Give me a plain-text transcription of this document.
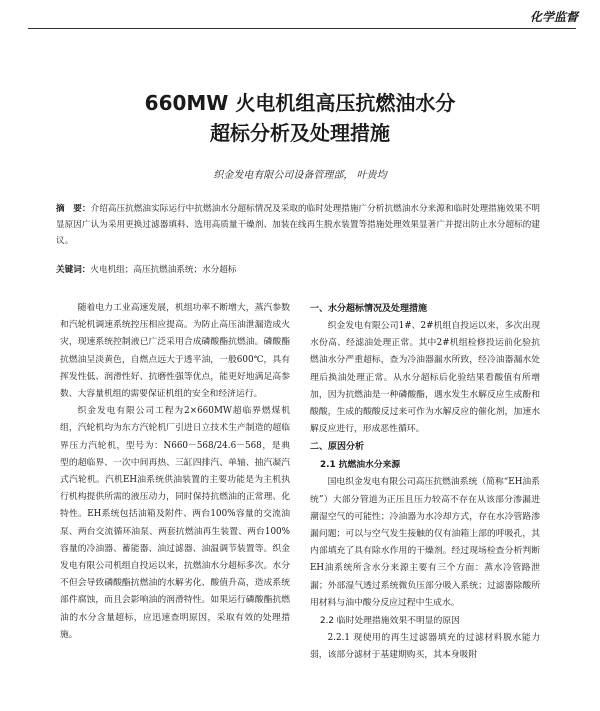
化学监督
660MW 火电机组高压抗燃油水分
超标分析及处理措施
织金发电有限公司设备管理部， 叶贵均
摘　要：介绍高压抗燃油实际运行中抗燃油水分超标情况及采取的临时处理措施广分析抗燃油水分来源和临时处理措施效果不明显原因广认为采用更换过滤器填料、选用高质量干燥剂、加装在线再生脱水装置等措施处理效果显著广并提出防止水分超标的建议。
关键词：火电机组；高压抗燃油系统；水分超标

随着电力工业高速发展，机组功率不断增大，蒸汽参数和汽轮机调速系统控压相应提高。为防止高压油泄漏造成火灾，现速系统控制液已广泛采用合成磷酸酯抗燃油。磷酸酯抗燃油呈淡黄色，自燃点远大于透平油，一般600℃，具有挥发性低、润滑性好、抗磨性强等优点，能更好地满足高参数、大容量机组的需要保证机组的安全和经济运行。

织金发电有限公司工程为2×660MW超临界燃煤机组，汽轮机均为东方汽轮机厂引进日立技术生产制造的超临界压力汽轮机，型号为：N660－568/24.6－568，是典型的超临界、一次中间再热、三缸四排汽、单轴、抽汽凝汽式汽轮机。汽机EH油系统供油装置的主要功能是为主机执行机构提供所需的液压动力，同时保持抗燃油的正常理、化特性。EH系统包括油箱及附件、两台100%容量的交流油泵、两台交流循环油泵、两套抗燃油再生装置、两台100%容量的冷油器、蓄能器、油过滤器、油温调节装置等。织金发电有限公司机组自投运以来，抗燃油水分超标多次。水分不但会导致磷酸酯抗燃油的水解劣化、酸值升高，造成系统部件腐蚀，而且会影响油的润滑特性。如果运行磷酸酯抗燃油的水分含量超标，应迅速查明原因，采取有效的处理措施。

一、水分超标情况及处理措施

织金发电有限公司1#、2#机组自投运以来，多次出现水份高、经滤油处理正常。其中2#机组检修投运前化验抗燃油水分严重超标，查为冷油器漏水所致，经冷油器漏水处理后换油处理正常。从水分超标后化验结果看酸值有所增加，因为抗燃油是一种磷酸酯，遇水发生水解反应生成酚和酸酸，生成的酸酸反过来可作为水解反应的催化剂，加速水解反应进行，形成恶性循环。

二、原因分析
2.1 抗燃油水分来源

国电织金发电有限公司高压抗燃油系统（简称“EH油系统”）大部分管道为正压且压力较高不存在从该部分渗漏进潮湿空气的可能性；冷油器为水冷却方式，存在水冷管路渗漏问题；可以与空气发生接触的仅有油箱上部的呼吸孔，其内部填充了具有除水作用的干燥剂。经过现场检查分析判断EH油系统所含水分来源主要有三个方面：蒸水冷管路泄漏；外部湿气透过系统微负压部分吸入系统；过滤器除酸所用材料与油中酸分反应过程中生成水。

2.2 临时处理措施效果不明显的原因

2.2.1 现使用的再生过滤器填充的过滤材料脱水能力弱，该部分滤材于基建期购买，其本身吸附
